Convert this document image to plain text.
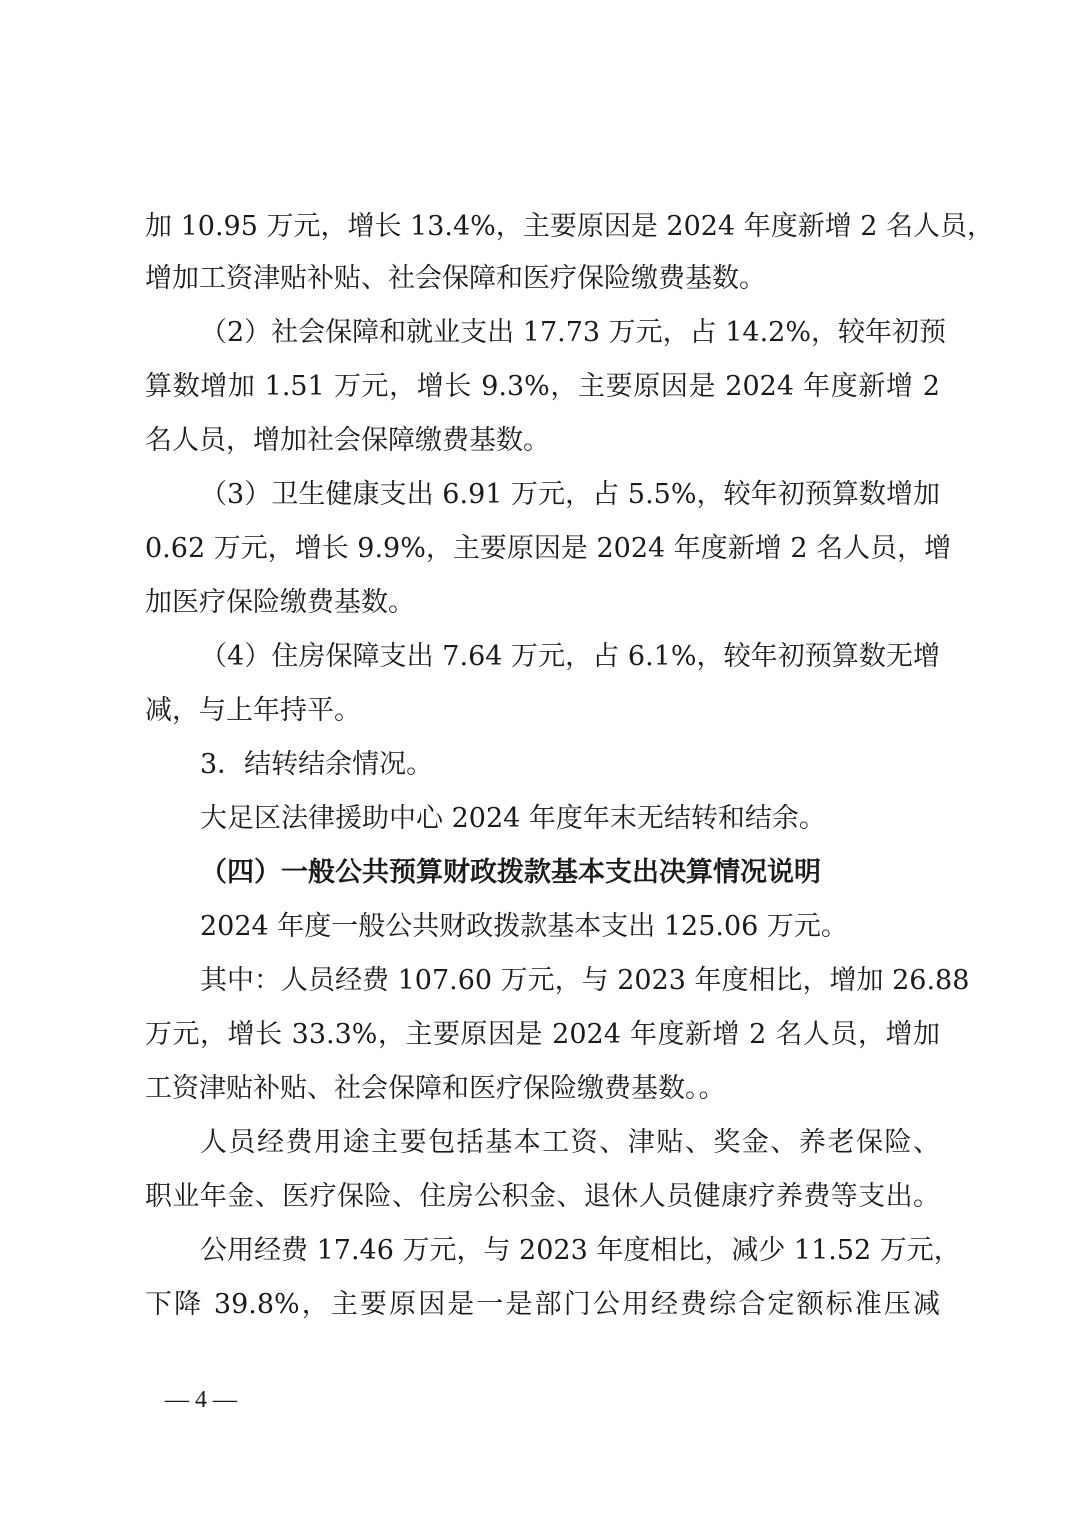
加 10.95 万元，增长 13.4%，主要原因是 2024 年度新增 2 名人员，
增加工资津贴补贴、社会保障和医疗保险缴费基数。
（2）社会保障和就业支出 17.73 万元，占 14.2%，较年初预
算数增加 1.51 万元，增长 9.3%，主要原因是 2024 年度新增 2
名人员，增加社会保障缴费基数。
（3）卫生健康支出 6.91 万元，占 5.5%，较年初预算数增加
0.62 万元，增长 9.9%，主要原因是 2024 年度新增 2 名人员，增
加医疗保险缴费基数。
（4）住房保障支出 7.64 万元，占 6.1%，较年初预算数无增
减，与上年持平。
3．结转结余情况。
大足区法律援助中心 2024 年度年末无结转和结余。
（四）一般公共预算财政拨款基本支出决算情况说明
2024 年度一般公共财政拨款基本支出 125.06 万元。
其中：人员经费 107.60 万元，与 2023 年度相比，增加 26.88
万元，增长 33.3%，主要原因是 2024 年度新增 2 名人员，增加
工资津贴补贴、社会保障和医疗保险缴费基数。。
人员经费用途主要包括基本工资、津贴、奖金、养老保险、
职业年金、医疗保险、住房公积金、退休人员健康疗养费等支出。
公用经费 17.46 万元，与 2023 年度相比，减少 11.52 万元，
下降 39.8%，主要原因是一是部门公用经费综合定额标准压减
— 4 —
